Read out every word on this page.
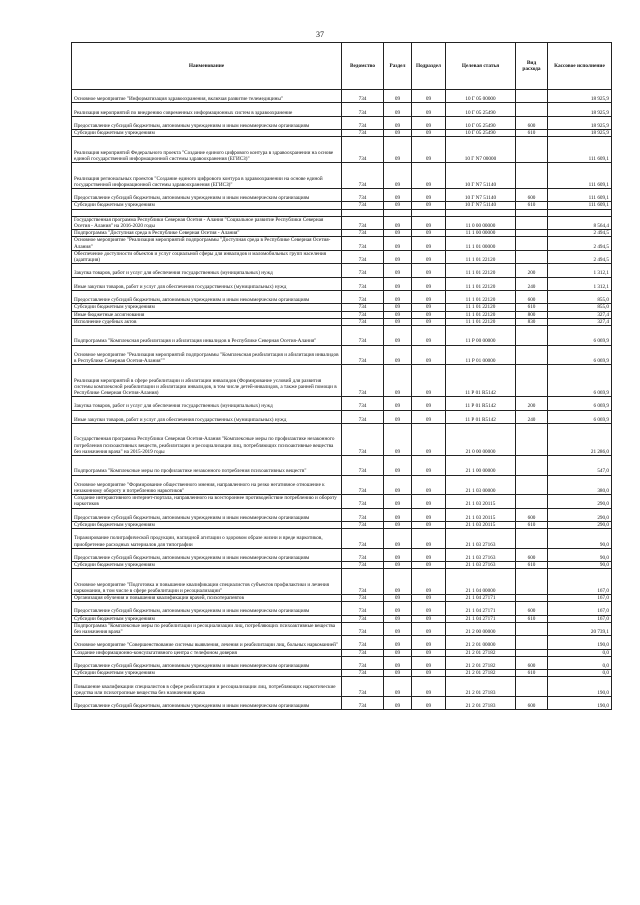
37
Наименование	Ведомство	Раздел	Подраздел	Целевая статья	Вид расхода	Кассовое исполнение
Основное мероприятие "Информатизация здравоохранения, включая развитие телемедицины"	734	09	09	10 Г 05 00000		18 925,9
Реализация мероприятий по внедрению современных информационных систем в здравоохранение	734	09	09	10 Г 05 25490		18 925,9
Предоставление субсидий бюджетным, автономным учреждениям и иным некоммерческим организациям	734	09	09	10 Г 05 25490	600	18 925,9
Субсидии бюджетным учреждениям	734	09	09	10 Г 05 25490	610	18 925,9
Реализация мероприятий Федерального проекта "Создание единого цифрового контура в здравоохранении на основе единой государственной информационной системы здравоохранения (ЕГИСЗ)"	734	09	09	10 Г N7 00000		111 609,1
Реализация региональных проектов "Создание единого цифрового контура в здравоохранении на основе единой государственной информационной системы здравоохранения (ЕГИСЗ)"	734	09	09	10 Г N7 51140		111 609,1
Предоставление субсидий бюджетным, автономным учреждениям и иным некоммерческим организациям	734	09	09	10 Г N7 51140	600	111 609,1
Субсидии бюджетным учреждениям	734	09	09	10 Г N7 51140	610	111 609,1

Государственная программа Республики Северная Осетия - Алания "Социальное развитие Республики Северная Осетия - Алания" на 2016-2020 годы	734	09	09	11 0 00 00000		8 564,4
Подпрограмма "Доступная среда в Республике Северная Осетия - Алания"	734	09	09	11 1 00 00000		2 494,5
Основное мероприятие "Реализация мероприятий подпрограммы "Доступная среда в Республике Северная Осетия-Алания"	734	09	09	11 1 01 00000		2 494,5
Обеспечение доступности объектов и услуг социальной сферы для инвалидов и маломобильных групп населения (адаптация)	734	09	09	11 1 01 22120		2 494,5
Закупка товаров, работ и услуг для обеспечения государственных (муниципальных) нужд	734	09	09	11 1 01 22120	200	1 312,1
Иные закупки товаров, работ и услуг для обеспечения государственных (муниципальных) нужд	734	09	09	11 1 01 22120	240	1 312,1
Предоставление субсидий бюджетным, автономным учреждениям и иным некоммерческим организациям	734	09	09	11 1 01 22120	600	855,0
Субсидии бюджетным учреждениям	734	09	09	11 1 01 22120	610	855,0
Иные бюджетные ассигнования	734	09	09	11 1 01 22120	800	327,4
Исполнение судебных актов	734	09	09	11 1 01 22120	830	327,4
Подпрограмма "Комплексная реабилитация и абилитация инвалидов в Республике Северная Осетия-Алания"	734	09	09	11 Р 00 00000		6 069,9
Основное мероприятие "Реализация мероприятий подпрограммы "Комплексная реабилитация и абилитация инвалидов в Республике Северная Осетия-Алания""	734	09	09	11 Р 01 00000		6 069,9
Реализация мероприятий в сфере реабилитации и абилитации инвалидов (Формирование условий для развития системы комплексной реабилитации и абилитации инвалидов, в том числе детей-инвалидов, а также ранней помощи в Республике Северная Осетия-Алания)	734	09	09	11 Р 01 R5142		6 069,9
Закупка товаров, работ и услуг для обеспечения государственных (муниципальных) нужд	734	09	09	11 Р 01 R5142	200	6 069,9
Иные закупки товаров, работ и услуг для обеспечения государственных (муниципальных) нужд	734	09	09	11 Р 01 R5142	240	6 069,9
Государственная программа Республики Северная Осетия-Алания "Комплексные меры по профилактике незаконного потребления психоактивных веществ, реабилитации и ресоциализации лиц, потребляющих психоактивные вещества без назначения врача" на 2015-2019 годы	734	09	09	21 0 00 00000		21 286,0
Подпрограмма "Комплексные меры по профилактике незаконного потребления психоактивных веществ"	734	09	09	21 1 00 00000		547,0
Основное мероприятие "Формирование общественного мнения, направленного на резко негативное отношение к незаконному обороту и потреблению наркотиков"	734	09	09	21 1 03 00000		380,0
Создание интерактивного интернет-портала, направленного на всестороннее противодействие потреблению и обороту наркотиков	734	09	09	21 1 03 20115		290,0
Предоставление субсидий бюджетным, автономным учреждениям и иным некоммерческим организациям	734	09	09	21 1 03 20115	600	290,0
Субсидии бюджетным учреждениям	734	09	09	21 1 03 20115	610	290,0
Тиражирование полиграфической продукции, наглядной агитации о здоровом образе жизни и вреде наркотиков, приобретение расходных материалов для типографии	734	09	09	21 1 03 27163		90,0
Предоставление субсидий бюджетным, автономным учреждениям и иным некоммерческим организациям	734	09	09	21 1 03 27163	600	90,0
Субсидии бюджетным учреждениям	734	09	09	21 1 03 27163	610	90,0
Основное мероприятие "Подготовка и повышение квалификации специалистов субъектов профилактики и лечения наркомании, в том числе в сфере реабилитации и ресоциализации"	734	09	09	21 1 04 00000		167,0
Организация обучения и повышения квалификации врачей, психотерапевтов	734	09	09	21 1 04 27171		167,0
Предоставление субсидий бюджетным, автономным учреждениям и иным некоммерческим организациям	734	09	09	21 1 04 27171	600	167,0
Субсидии бюджетным учреждениям	734	09	09	21 1 04 27171	610	167,0
Подпрограмма "Комплексные меры по реабилитации и ресоциализации лиц, потребляющих психоактивные вещества без назначения врача"	734	09	09	21 2 00 00000		20 739,1
Основное мероприятие "Совершенствование системы выявления, лечения и реабилитации лиц, больных наркоманией"	734	09	09	21 2 01 00000		190,0
Создание информационно-консультативного центра с телефоном доверия	734	09	09	21 2 01 27182		0,0
Предоставление субсидий бюджетным, автономным учреждениям и иным некоммерческим организациям	734	09	09	21 2 01 27182	600	0,0
Субсидии бюджетным учреждениям	734	09	09	21 2 01 27182	610	0,0
Повышение квалификации специалистов в сфере реабилитации и ресоциализации лиц, потребляющих наркотические средства или психотропные вещества без назначения врача	734	09	09	21 2 01 27183		190,0
Предоставление субсидий бюджетным, автономным учреждениям и иным некоммерческим организациям	734	09	09	21 2 01 27183	600	190,0
